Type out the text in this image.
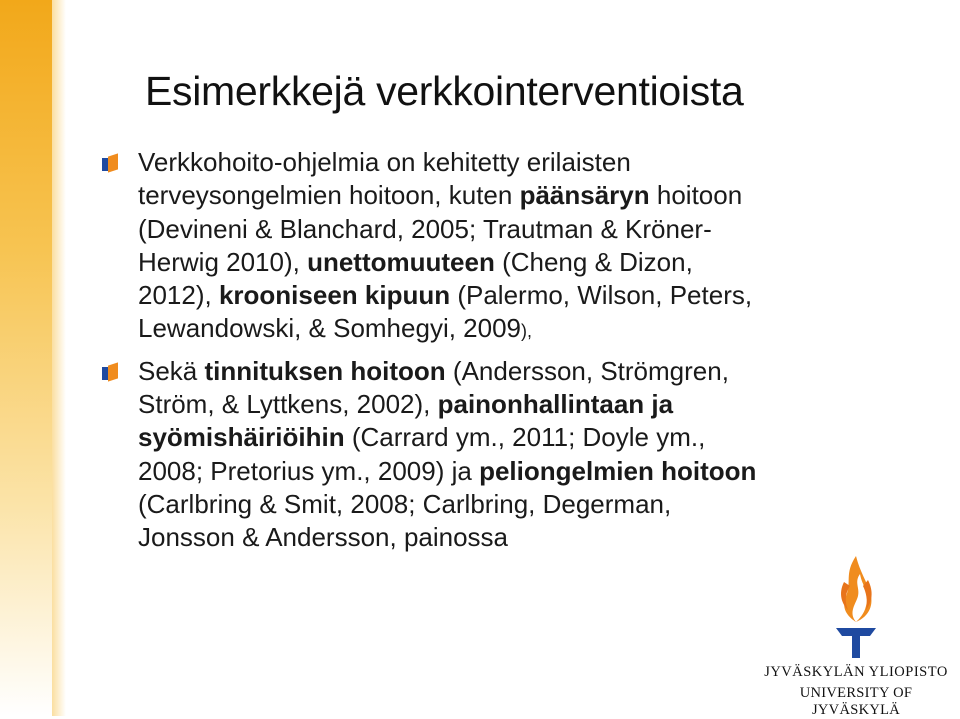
Esimerkkejä verkkointerventioista
Verkkohoito-ohjelmia on kehitetty erilaisten
terveysongelmien hoitoon, kuten päänsäryn hoitoon
(Devineni & Blanchard, 2005; Trautman & Kröner-
Herwig 2010), unettomuuteen (Cheng & Dizon,
2012), krooniseen kipuun (Palermo, Wilson, Peters,
Lewandowski, & Somhegyi, 2009),
Sekä tinnituksen hoitoon (Andersson, Strömgren,
Ström, & Lyttkens, 2002), painonhallintaan ja
syömishäiriöihin (Carrard ym., 2011; Doyle ym.,
2008; Pretorius ym., 2009) ja peliongelmien hoitoon
(Carlbring & Smit, 2008; Carlbring, Degerman,
Jonsson & Andersson, painossa
JYVÄSKYLÄN YLIOPISTO
UNIVERSITY OF JYVÄSKYLÄ
